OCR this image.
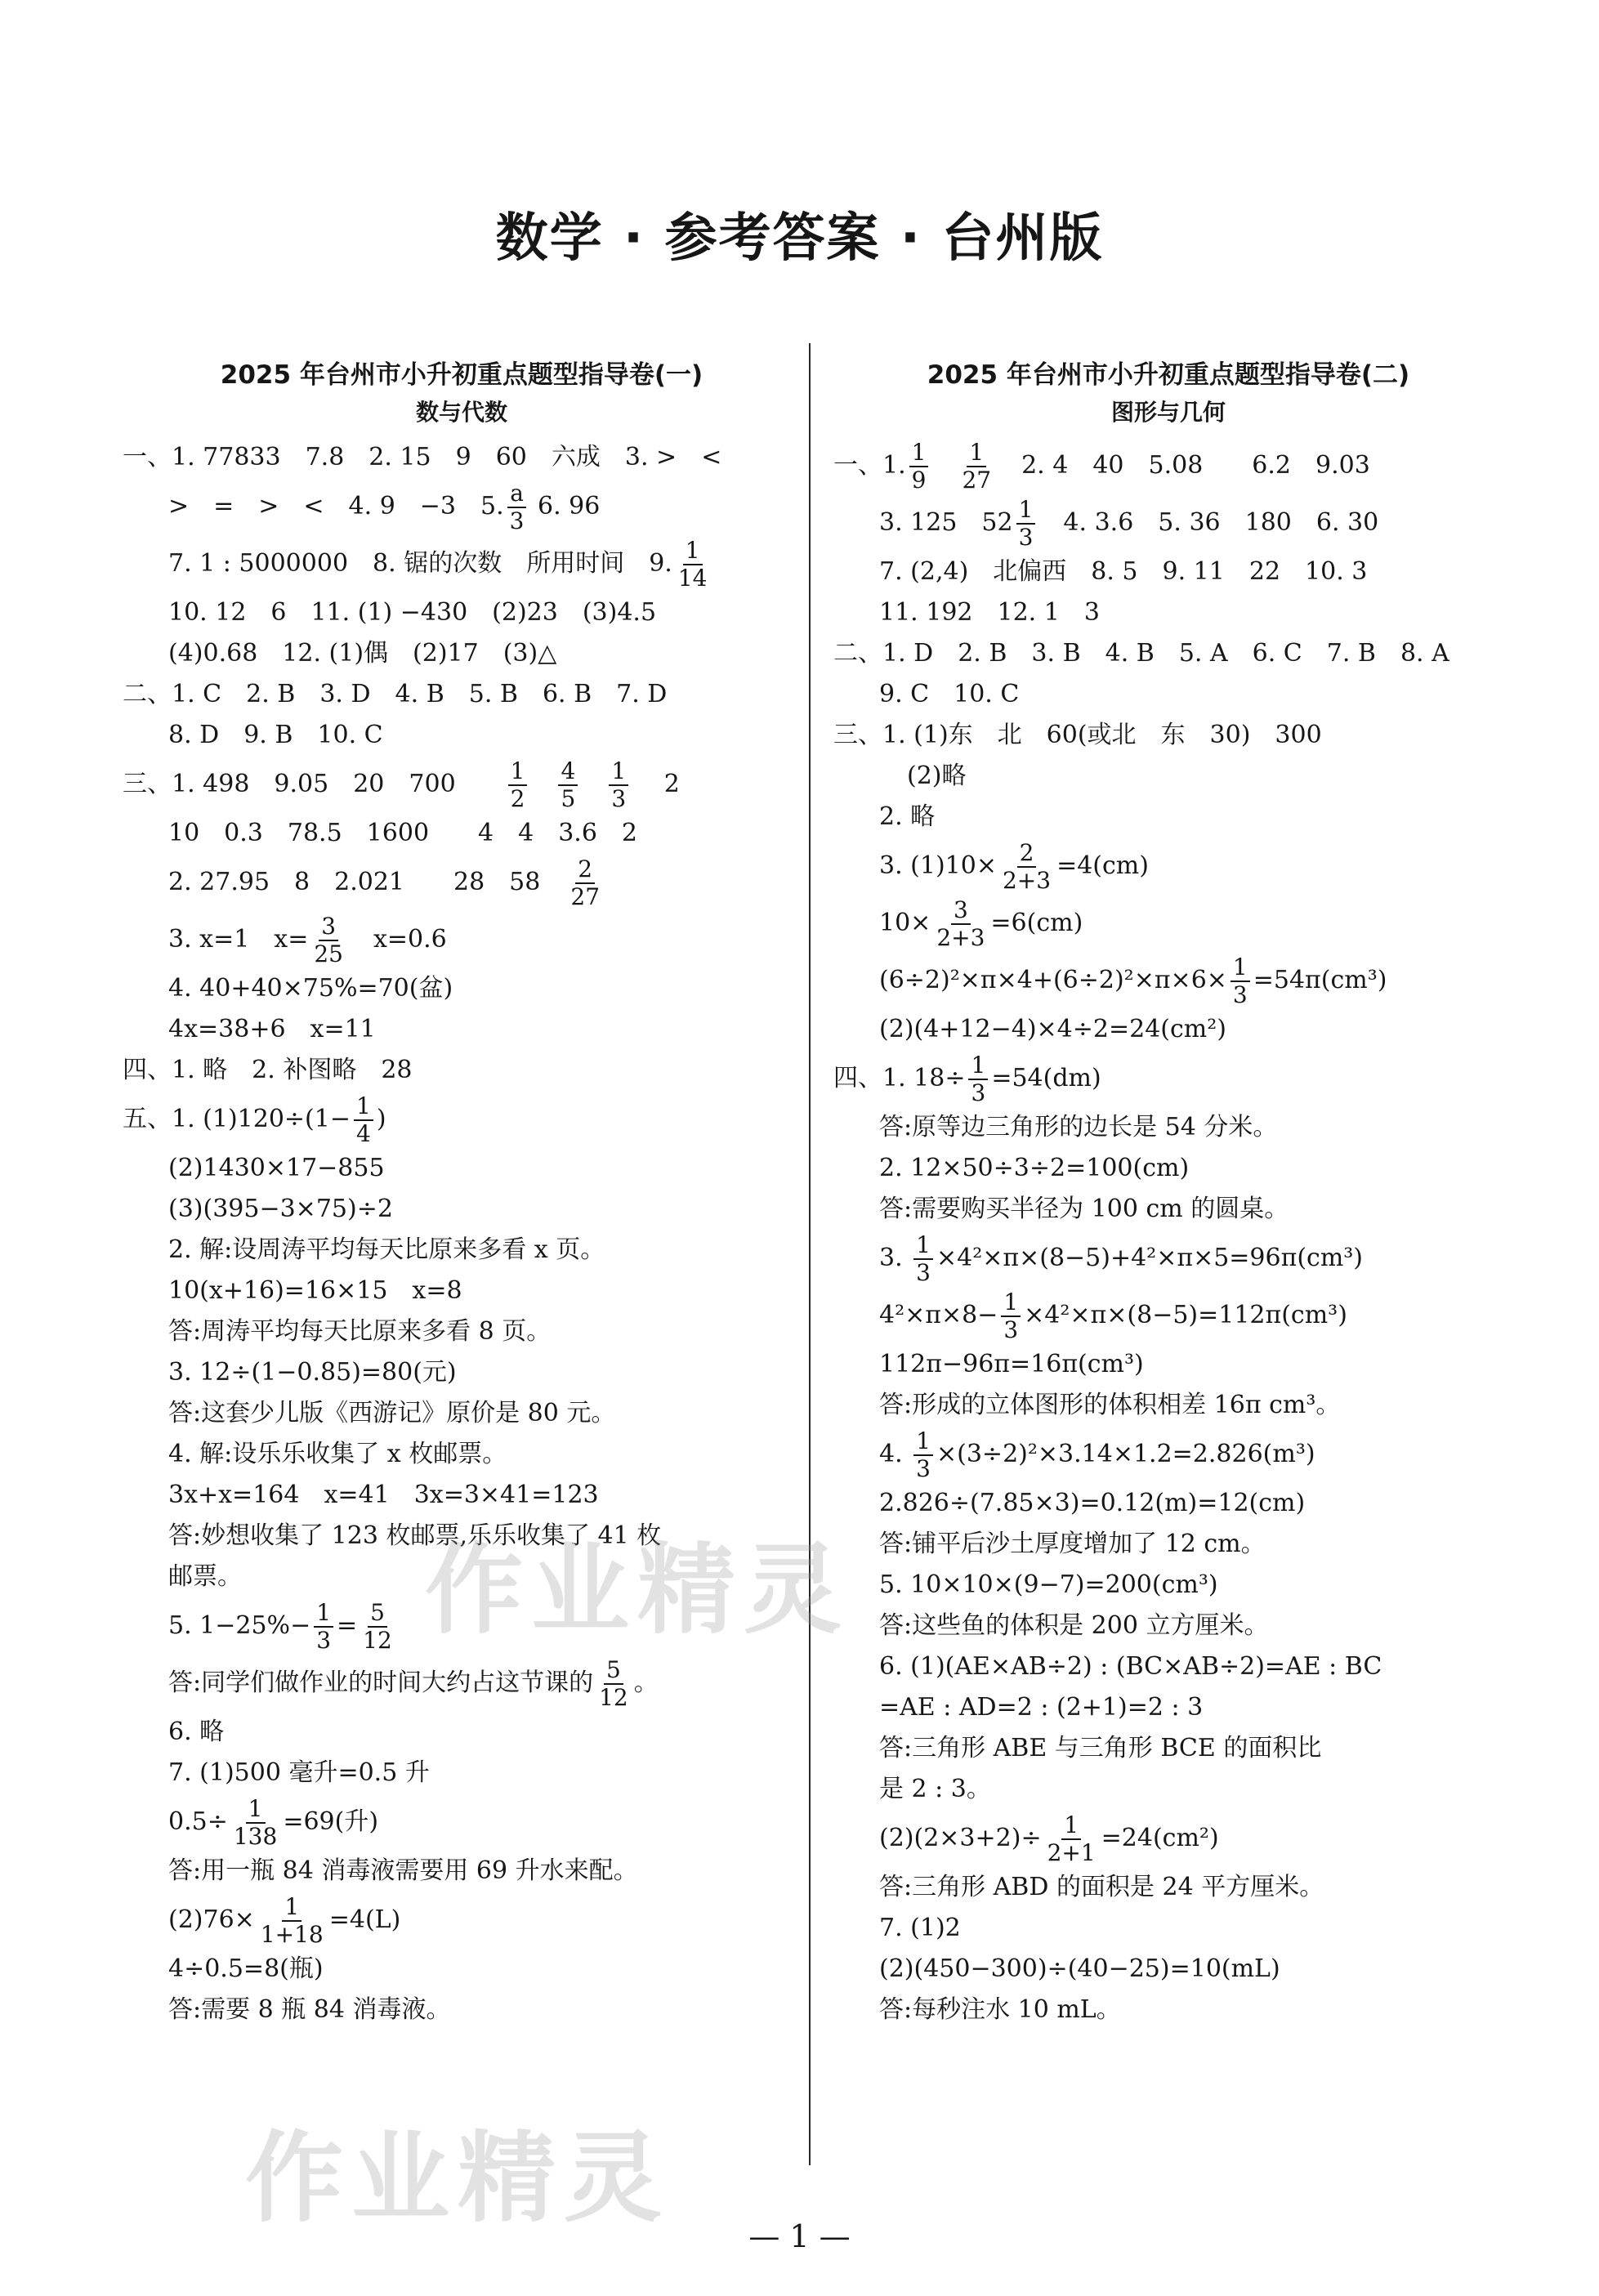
数学 · 参考答案 · 台州版
2025 年台州市小升初重点题型指导卷(一)
数与代数
一、1. 77833　7.8　2. 15　9　60　六成　3. >　<
>　=　>　<　4. 9　−3　5. $\frac{a}{3} 6$. 96
7. 1 : 5000000　8. 锯的次数　所用时间　9. $\frac{1}{14}$
10. 12　6　11. (1) −430　(2)23　(3)4.5
(4)0.68　12. (1)偶　(2)17　(3)△
二、1. C　2. B　3. D　4. B　5. B　6. B　7. D
8. D　9. B　10. C
三、1. 498　9.05　20　700　　 $\frac{1}{2}$
　 $\frac{4}{5}$
　 $\frac{1}{3}$
　 2
10　0.3　78.5　1600　　4　4　3.6　2
2. 27.95　8　2.021　　28　58　 $\frac{2}{27}$
3. x=1　$x= \frac{3}{25}$
　 x=0.6
4. 40+40×75%=70(盆)
4x=38+6　x=11
四、1. 略　2. 补图略　28
五、1. $(1)120\div(1- \frac{1}{4}$ )
(2)1430×17−855
(3)(395−3×75)÷2
2. 解:设周涛平均每天比原来多看 x 页。
10(x+16)=16×15　x=8
答:周涛平均每天比原来多看 8 页。
3. 12÷(1−0.85)=80(元)
答:这套少儿版《西游记》原价是 80 元。
4. 解:设乐乐收集了 x 枚邮票。
3x+x=164　x=41　3x=3×41=123
答:妙想收集了 123 枚邮票,乐乐收集了 41 枚
邮票。
5. $1-25\%- \frac{1}{3} = \frac{5}{12}$
答:同学们做作业的时间大约占这节课的 $\frac{5}{12}$ 。
6. 略
7. (1)500 毫升=0.5 升
$0.5\div \frac{1}{138} =69$(升)
答:用一瓶 84 消毒液需要用 69 升水来配。
$(2)76\times \frac{1}{1+18} =4(L)$
4÷0.5=8(瓶)
答:需要 8 瓶 84 消毒液。
2025 年台州市小升初重点题型指导卷(二)
图形与几何
一、1. $\frac{1}{9}$
　 $\frac{1}{27}$
　 2. 4　40　5.08　　6.2　9.03
3. 125　$52 \frac{1}{3}$
　 4. 3.6　5. 36　180　6. 30
7. (2,4)　北偏西　8. 5　9. 11　22　10. 3
11. 192　12. 1　3
二、1. D　2. B　3. B　4. B　5. A　6. C　7. B　8. A
9. C　10. C
三、1. (1)东　北　60(或北　东　30)　300
(2)略
2. 略
3. $(1)10\times \frac{2}{2+3} =4(cm)$
$10\times \frac{3}{2+3} =6(cm)$
$(6\div 2)^2\times\pi\times 4+(6\div 2)^2\times\pi\times 6\times \frac{1}{3} =54\pi(cm^3)$
(2)(4+12−4)×4÷2=24(cm²)
四、1. $18\div \frac{1}{3} =54(dm)$
答:原等边三角形的边长是 54 分米。
2. 12×50÷3÷2=100(cm)
答:需要购买半径为 100 cm 的圆桌。
3. $\frac{1}{3} \times 4^2\times\pi\times(8-5)+4^2\times\pi\times 5=96\pi(cm^3)$
$4^2\times\pi\times 8- \frac{1}{3} \times 4^2\times\pi\times(8-5)=112\pi(cm^3)$
112π−96π=16π(cm³)
答:形成的立体图形的体积相差 16π cm³。
4. $\frac{1}{3} \times(3\div 2)^2\times 3.14\times 1.2=2.826(m^3)$
2.826÷(7.85×3)=0.12(m)=12(cm)
答:铺平后沙土厚度增加了 12 cm。
5. 10×10×(9−7)=200(cm³)
答:这些鱼的体积是 200 立方厘米。
6. (1)(AE×AB÷2) : (BC×AB÷2)=AE : BC
=AE : AD=2 : (2+1)=2 : 3
答:三角形 ABE 与三角形 BCE 的面积比
是 2 : 3。
$(2)(2\times 3+2)\div \frac{1}{2+1} =24(cm^2)$
答:三角形 ABD 的面积是 24 平方厘米。
7. (1)2
(2)(450−300)÷(40−25)=10(mL)
答:每秒注水 10 mL。
作业精灵
作业精灵
— 1 —
